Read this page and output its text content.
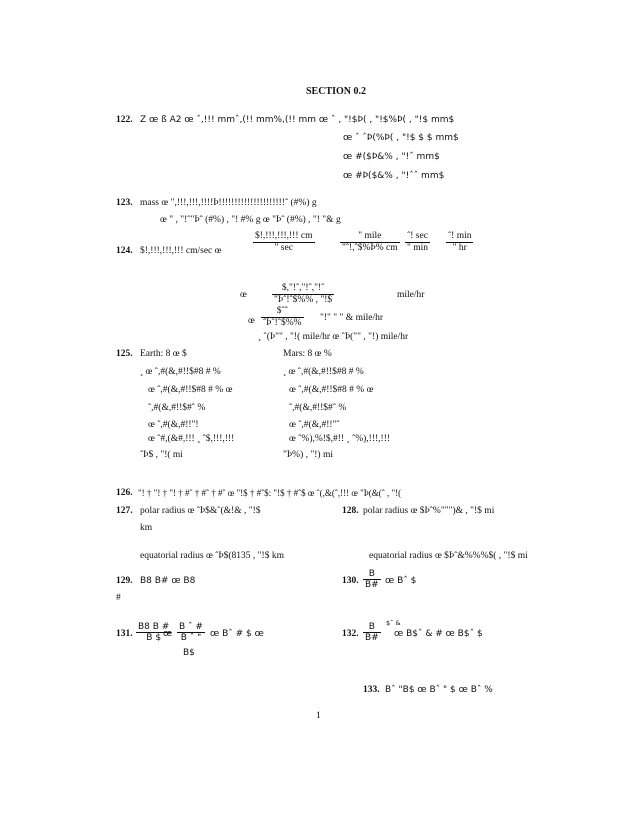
SECTION 0.2
122. Z œ ß A2 œ ˆ,!!! mmˆ,(!! mm%,(!! mm œ ˆ , "!$Þ( , "!$%Þ( , "!$ mm$
œ ˆ ˆÞ(%Þ( , "!$ $ $ mm$
œ #($Þ&% , "!ˆ mm$
œ #Þ($&% , "!ˆˆ mm$
123. mass œ ",!!!,!!!,!!!!Þ!!!!!!!!!!!!!!!!!!!!!ˆ (#%) g
œ " , "!ˆ"Þˆ (#%) , "! #% g œ "Þˆ (#%) , "! "& g
124. $!,!!!,!!!,!!! cm/sec œ
$!,!!!,!!!,!!! cm
" sec
" mile
"ˆ!,ˆ$%Þ% cm
ˆ! sec
" min
ˆ! min
" hr
œ
$,"!ˆ,"!ˆ,"!ˆ
"Þˆ!ˆ$%% , "!$	mile/hr
œ
$ˆˆ
ˆÞˆ!ˆ$%% "!" " " & mile/hr
¸ ˆ(Þ"" , "!( mile/hr œ ˆÞ("" , "!) mile/hr
125. Earth: 8 œ $
¸ œ ˆ,#(&,#!!$#8 # %
œ ˆ,#(&,#!!$#8 # % œ
ˆ,#(&,#!!$#ˆ %
œ ˆ,#(&,#!!"!
œ ˆ#,(&#,!!! ¸ ˆ$,!!!,!!!
ˆÞ$ , "!( mi
Mars: 8 œ %
¸ œ ˆ,#(&,#!!$#8 # %
œ ˆ,#(&,#!!$#8 # % œ
ˆ,#(&,#!!$#ˆ %
œ ˆ,#(&,#!!"ˆ
œ ˆ%),%!$,#!! ¸ ˆ%),!!!,!!!
"Þ%) , "!) mi
126. "! † "! † "! † #ˆ † #ˆ † #ˆ œ "!$ † #ˆ$: "!$ † #ˆ$ œ ˆ(,&(ˆ,!!! œ "Þ(&(ˆ , "!(
127. polar radius œ ˆÞ$&ˆ(&!& , "!$
km
equatorial radius œ ˆÞ$(8135 , "!$ km
128. polar radius œ $Þˆ%""")& , "!$ mi
equatorial radius œ $Þˆ&%%%$( , "!$ mi
129. B8 B# œ B8
#
130. $\frac{B}{B\#}$ œ Bˆ $
131. $\frac{B8 B \#}{B \$}$
œ
B ˆ #
B ˆ "
B$
œ Bˆ # $ œ	132. $\frac{B}{B\#}$ $ˆ &
œ B$ˆ & # œ B$ˆ $
133. Bˆ "B$ œ Bˆ " $ œ Bˆ %
1
